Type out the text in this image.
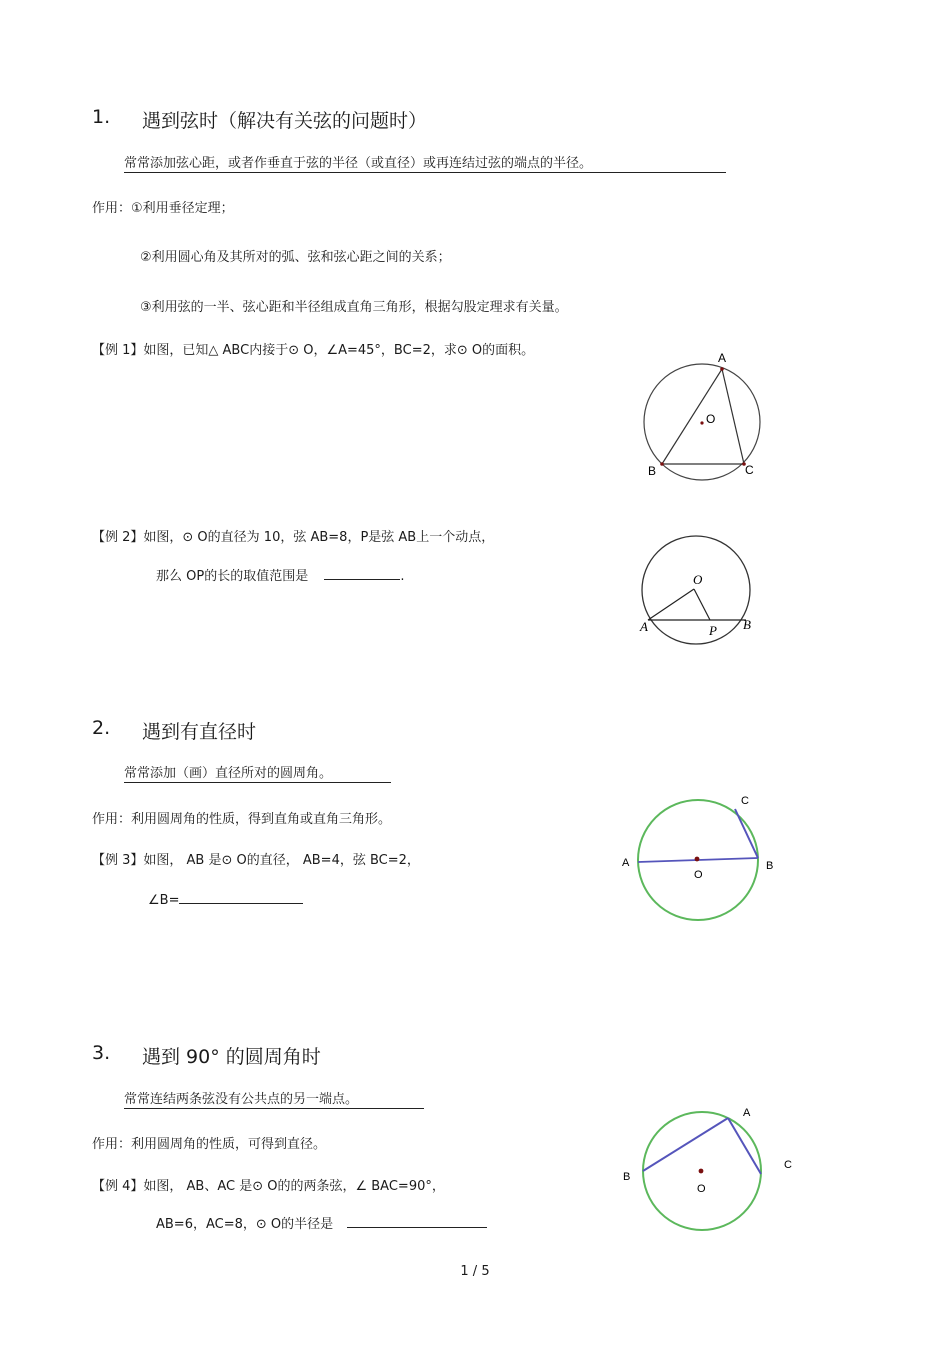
1. 遇到弦时（解决有关弦的问题时）
常常添加弦心距，或者作垂直于弦的半径（或直径）或再连结过弦的端点的半径。
作用：①利用垂径定理；
②利用圆心角及其所对的弧、弦和弦心距之间的关系；
③利用弦的一半、弦心距和半径组成直角三角形，根据勾股定理求有关量。
【例 1】如图，已知△ ABC内接于⊙ O，∠A=45°，BC=2，求⊙ O的面积。	A
B	C
O
【例 2】如图，⊙ O的直径为 10，弦 AB=8，P是弦 AB上一个动点，
那么 OP的长的取值范围是	.	O
A	P B
2. 遇到有直径时
常常添加（画）直径所对的圆周角。
作用：利用圆周角的性质，得到直角或直角三角形。
【例 3】如图， AB 是⊙ O的直径， AB=4，弦 BC=2，
∠B=
A	B
C
O
3. 遇到 90° 的圆周角时
常常连结两条弦没有公共点的另一端点。
作用：利用圆周角的性质，可得到直径。
【例 4】如图， AB、AC 是⊙ O的的两条弦，∠ BAC=90°，
AB=6，AC=8，⊙ O的半径是
A
B
C
O
1 / 5
